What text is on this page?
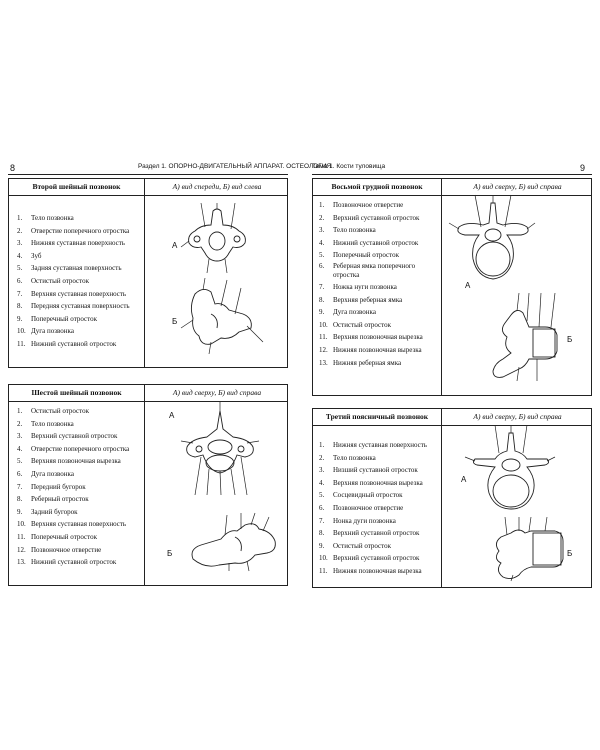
8	Раздел 1. ОПОРНО-ДВИГАТЕЛЬНЫЙ АППАРАТ. ОСТЕОЛОГИЯ
Второй шейный позвонок	А) вид спереди, Б) вид слева
1.	Тело позвонка
2.	Отверстие поперечного отростка
3.	Нижняя суставная поверхность
4.	Зуб
5.	Задняя суставная поверхность
6.	Остистый отросток
7.	Верхняя суставная поверхность
8.	Передняя суставная поверхность
9.	Поперечный отросток
10. Дуга позвонка
11. Нижний суставной отросток
А
Б
Шестой шейный позвонок	А) вид сверху, Б) вид справа
1.	Остистый отросток
2.	Тело позвонка
3.	Верхний суставной отросток
4.	Отверстие поперечного отростка
5.	Верхняя позвоночная вырезка
6.	Дуга позвонка
7.	Передний бугорок
8.	Реберный отросток
9.	Задний бугорок
10. Верхняя суставная поверхность
11. Поперечный отросток
12. Позвоночное отверстие
13. Нижний суставной отросток
А
Б
9
Тема 1. Кости туловища
Восьмой грудной позвонок	А) вид сверху, Б) вид справа
1.	Позвоночное отверстие
2.	Верхний суставной отросток
3.	Тело позвонка
4.	Нижний суставной отросток
5.	Поперечный отросток
6.	Реберная ямка поперечного отростка
7.	Ножка нуги позвонка
8.	Верхняя реберная ямка
9.	Дуга позвонка
10. Остистый отросток
11. Верхняя позвоночная вырезка
12. Нижняя позвоночная вырезка
13. Нижняя реберная ямка
А
Б
Третий поясничный позвонок	А) вид сверху, Б) вид справа
1.	Нижняя суставная поверхность
2.	Тело позвонка
3.	Низший суставной отросток
4.	Верхняя позвоночная вырезка
5.	Сосцевидный отросток
6.	Позвоночное отверстие
7.	Нонка дуги позвонка
8.	Верхний суставной отросток
9.	Остистый отросток
10. Верхний суставной отросток
11. Нижняя позвоночная вырезка
А
Б
